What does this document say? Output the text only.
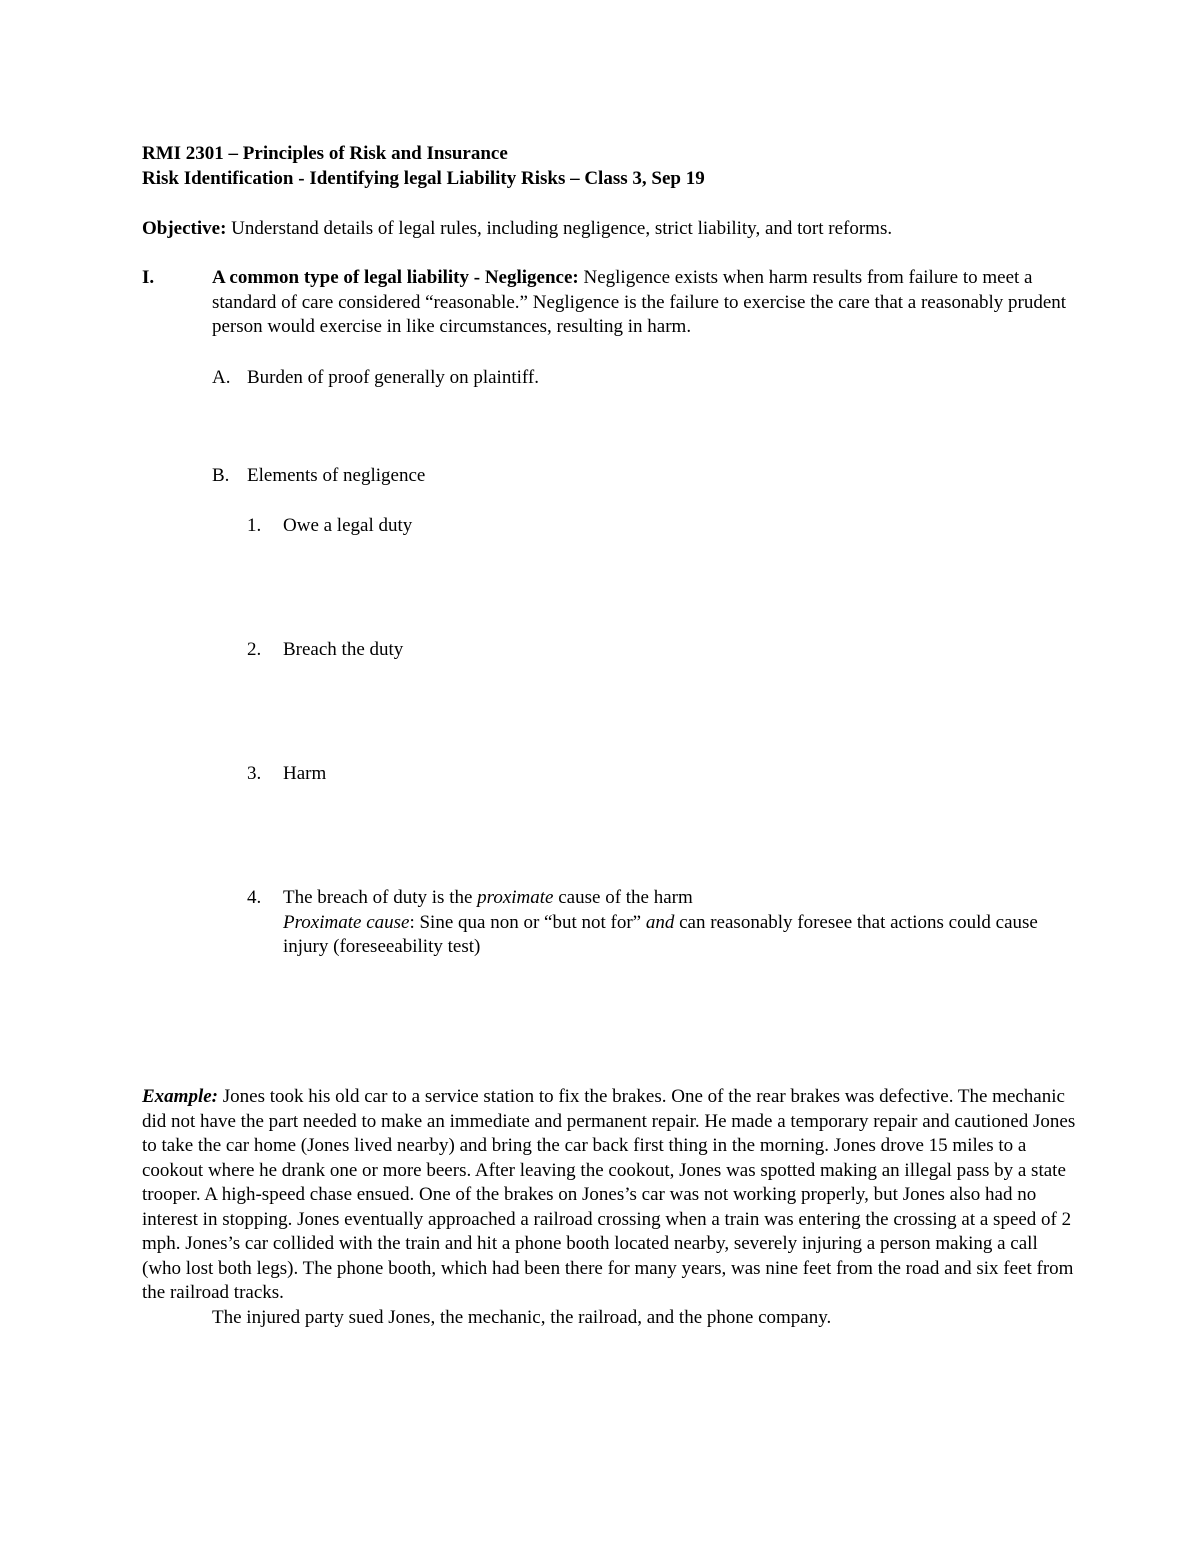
RMI 2301 – Principles of Risk and Insurance
Risk Identification - Identifying legal Liability Risks – Class 3, Sep 19
Objective: Understand details of legal rules, including negligence, strict liability, and tort reforms.
I.	A common type of legal liability - Negligence: Negligence exists when harm results from failure to meet a standard of care considered “reasonable.” Negligence is the failure to exercise the care that a reasonably prudent person would exercise in like circumstances, resulting in harm.

A. Burden of proof generally on plaintiff.
B. Elements of negligence
1. Owe a legal duty
2. Breach the duty
3. Harm
4. The breach of duty is the proximate cause of the harm
Proximate cause: Sine qua non or “but not for” and can reasonably foresee that actions could cause injury (foreseeability test)

Example: Jones took his old car to a service station to fix the brakes. One of the rear brakes was defective. The mechanic did not have the part needed to make an immediate and permanent repair. He made a temporary repair and cautioned Jones to take the car home (Jones lived nearby) and bring the car back first thing in the morning. Jones drove 15 miles to a cookout where he drank one or more beers. After leaving the cookout, Jones was spotted making an illegal pass by a state trooper. A high-speed chase ensued. One of the brakes on Jones’s car was not working properly, but Jones also had no interest in stopping. Jones eventually approached a railroad crossing when a train was entering the crossing at a speed of 2 mph. Jones’s car collided with the train and hit a phone booth located nearby, severely injuring a person making a call (who lost both legs). The phone booth, which had been there for many years, was nine feet from the road and six feet from the railroad tracks.

The injured party sued Jones, the mechanic, the railroad, and the phone company.
